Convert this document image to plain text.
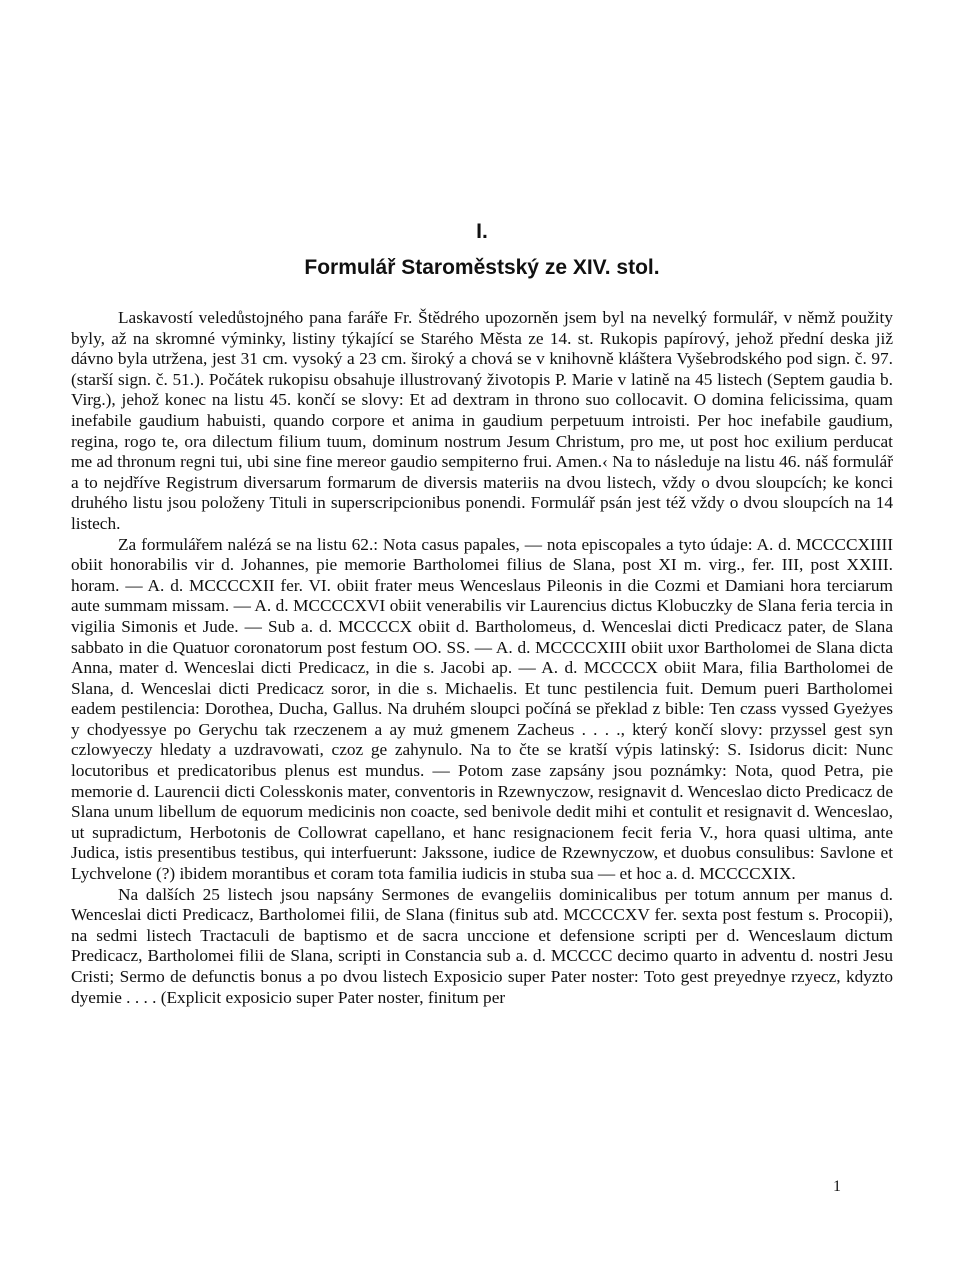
I.
Formulář Staroměstský ze XIV. stol.

Laskavostí veledůstojného pana faráře Fr. Štědrého upozorněn jsem byl na nevelký formulář, v němž použity byly, až na skromné výminky, listiny týkající se Starého Města ze 14. st. Rukopis papírový, jehož přední deska již dávno byla utržena, jest 31 cm. vysoký a 23 cm. široký a chová se v knihovně kláštera Vyšebrodského pod sign. č. 97. (starší sign. č. 51.). Počátek rukopisu obsahuje illustrovaný životopis P. Marie v latině na 45 listech (Septem gaudia b. Virg.), jehož konec na listu 45. končí se slovy: Et ad dextram in throno suo collocavit. O domina felicissima, quam inefabile gaudium habuisti, quando corpore et anima in gaudium perpetuum introisti. Per hoc inefabile gaudium, regina, rogo te, ora dilectum filium tuum, dominum nostrum Jesum Christum, pro me, ut post hoc exilium perducat me ad thronum regni tui, ubi sine fine mereor gaudio sempiterno frui. Amen.‹ Na to následuje na listu 46. náš formulář a to nejdříve Registrum diversarum formarum de diversis materiis na dvou listech, vždy o dvou sloupcích; ke konci druhého listu jsou položeny Tituli in superscripcionibus ponendi. Formulář psán jest též vždy o dvou sloupcích na 14 listech.

Za formulářem nalézá se na listu 62.: Nota casus papales, — nota episcopales a tyto údaje: A. d. MCCCCXIIII obiit honorabilis vir d. Johannes, pie memorie Bartholomei filius de Slana, post XI m. virg., fer. III, post XXIII. horam. — A. d. MCCCCXII fer. VI. obiit frater meus Wenceslaus Pileonis in die Cozmi et Damiani hora terciarum aute summam missam. — A. d. MCCCCXVI obiit venerabilis vir Laurencius dictus Klobuczky de Slana feria tercia in vigilia Simonis et Jude. — Sub a. d. MCCCCX obiit d. Bartholomeus, d. Wenceslai dicti Predicacz pater, de Slana sabbato in die Quatuor coronatorum post festum OO. SS. — A. d. MCCCCXIII obiit uxor Bartholomei de Slana dicta Anna, mater d. Wenceslai dicti Predicacz, in die s. Jacobi ap. — A. d. MCCCCX obiit Mara, filia Bartholomei de Slana, d. Wenceslai dicti Predicacz soror, in die s. Michaelis. Et tunc pestilencia fuit. Demum pueri Bartholomei eadem pestilencia: Dorothea, Ducha, Gallus. Na druhém sloupci počíná se překlad z bible: Ten czass vyssed Gyeżyes y chodyessye po Gerychu tak rzeczenem a ay muż gmenem Zacheus . . . ., který končí slovy: przyssel gest syn czlowyeczy hledaty a uzdravowati, czoz ge zahynulo. Na to čte se kratší výpis latinský: S. Isidorus dicit: Nunc locutoribus et predicatoribus plenus est mundus. — Potom zase zapsány jsou poznámky: Nota, quod Petra, pie memorie d. Laurencii dicti Colesskonis mater, conventoris in Rzewnyczow, resignavit d. Wenceslao dicto Predicacz de Slana unum libellum de equorum medicinis non coacte, sed benivole dedit mihi et contulit et resignavit d. Wenceslao, ut supradictum, Herbotonis de Collowrat capellano, et hanc resignacionem fecit feria V., hora quasi ultima, ante Judica, istis presentibus testibus, qui interfuerunt: Jakssone, iudice de Rzewnyczow, et duobus consulibus: Savlone et Lychvelone (?) ibidem morantibus et coram tota familia iudicis in stuba sua — et hoc a. d. MCCCCXIX.

Na dalších 25 listech jsou napsány Sermones de evangeliis dominicalibus per totum annum per manus d. Wenceslai dicti Predicacz, Bartholomei filii, de Slana (finitus sub atd. MCCCCXV fer. sexta post festum s. Procopii), na sedmi listech Tractaculi de baptismo et de sacra unccione et defensione scripti per d. Wenceslaum dictum Predicacz, Bartholomei filii de Slana, scripti in Constancia sub a. d. MCCCC decimo quarto in adventu d. nostri Jesu Cristi; Sermo de defunctis bonus a po dvou listech Exposicio super Pater noster: Toto gest preyednye rzyecz, kdyzto dyemie . . . . (Explicit exposicio super Pater noster, finitum per

1
